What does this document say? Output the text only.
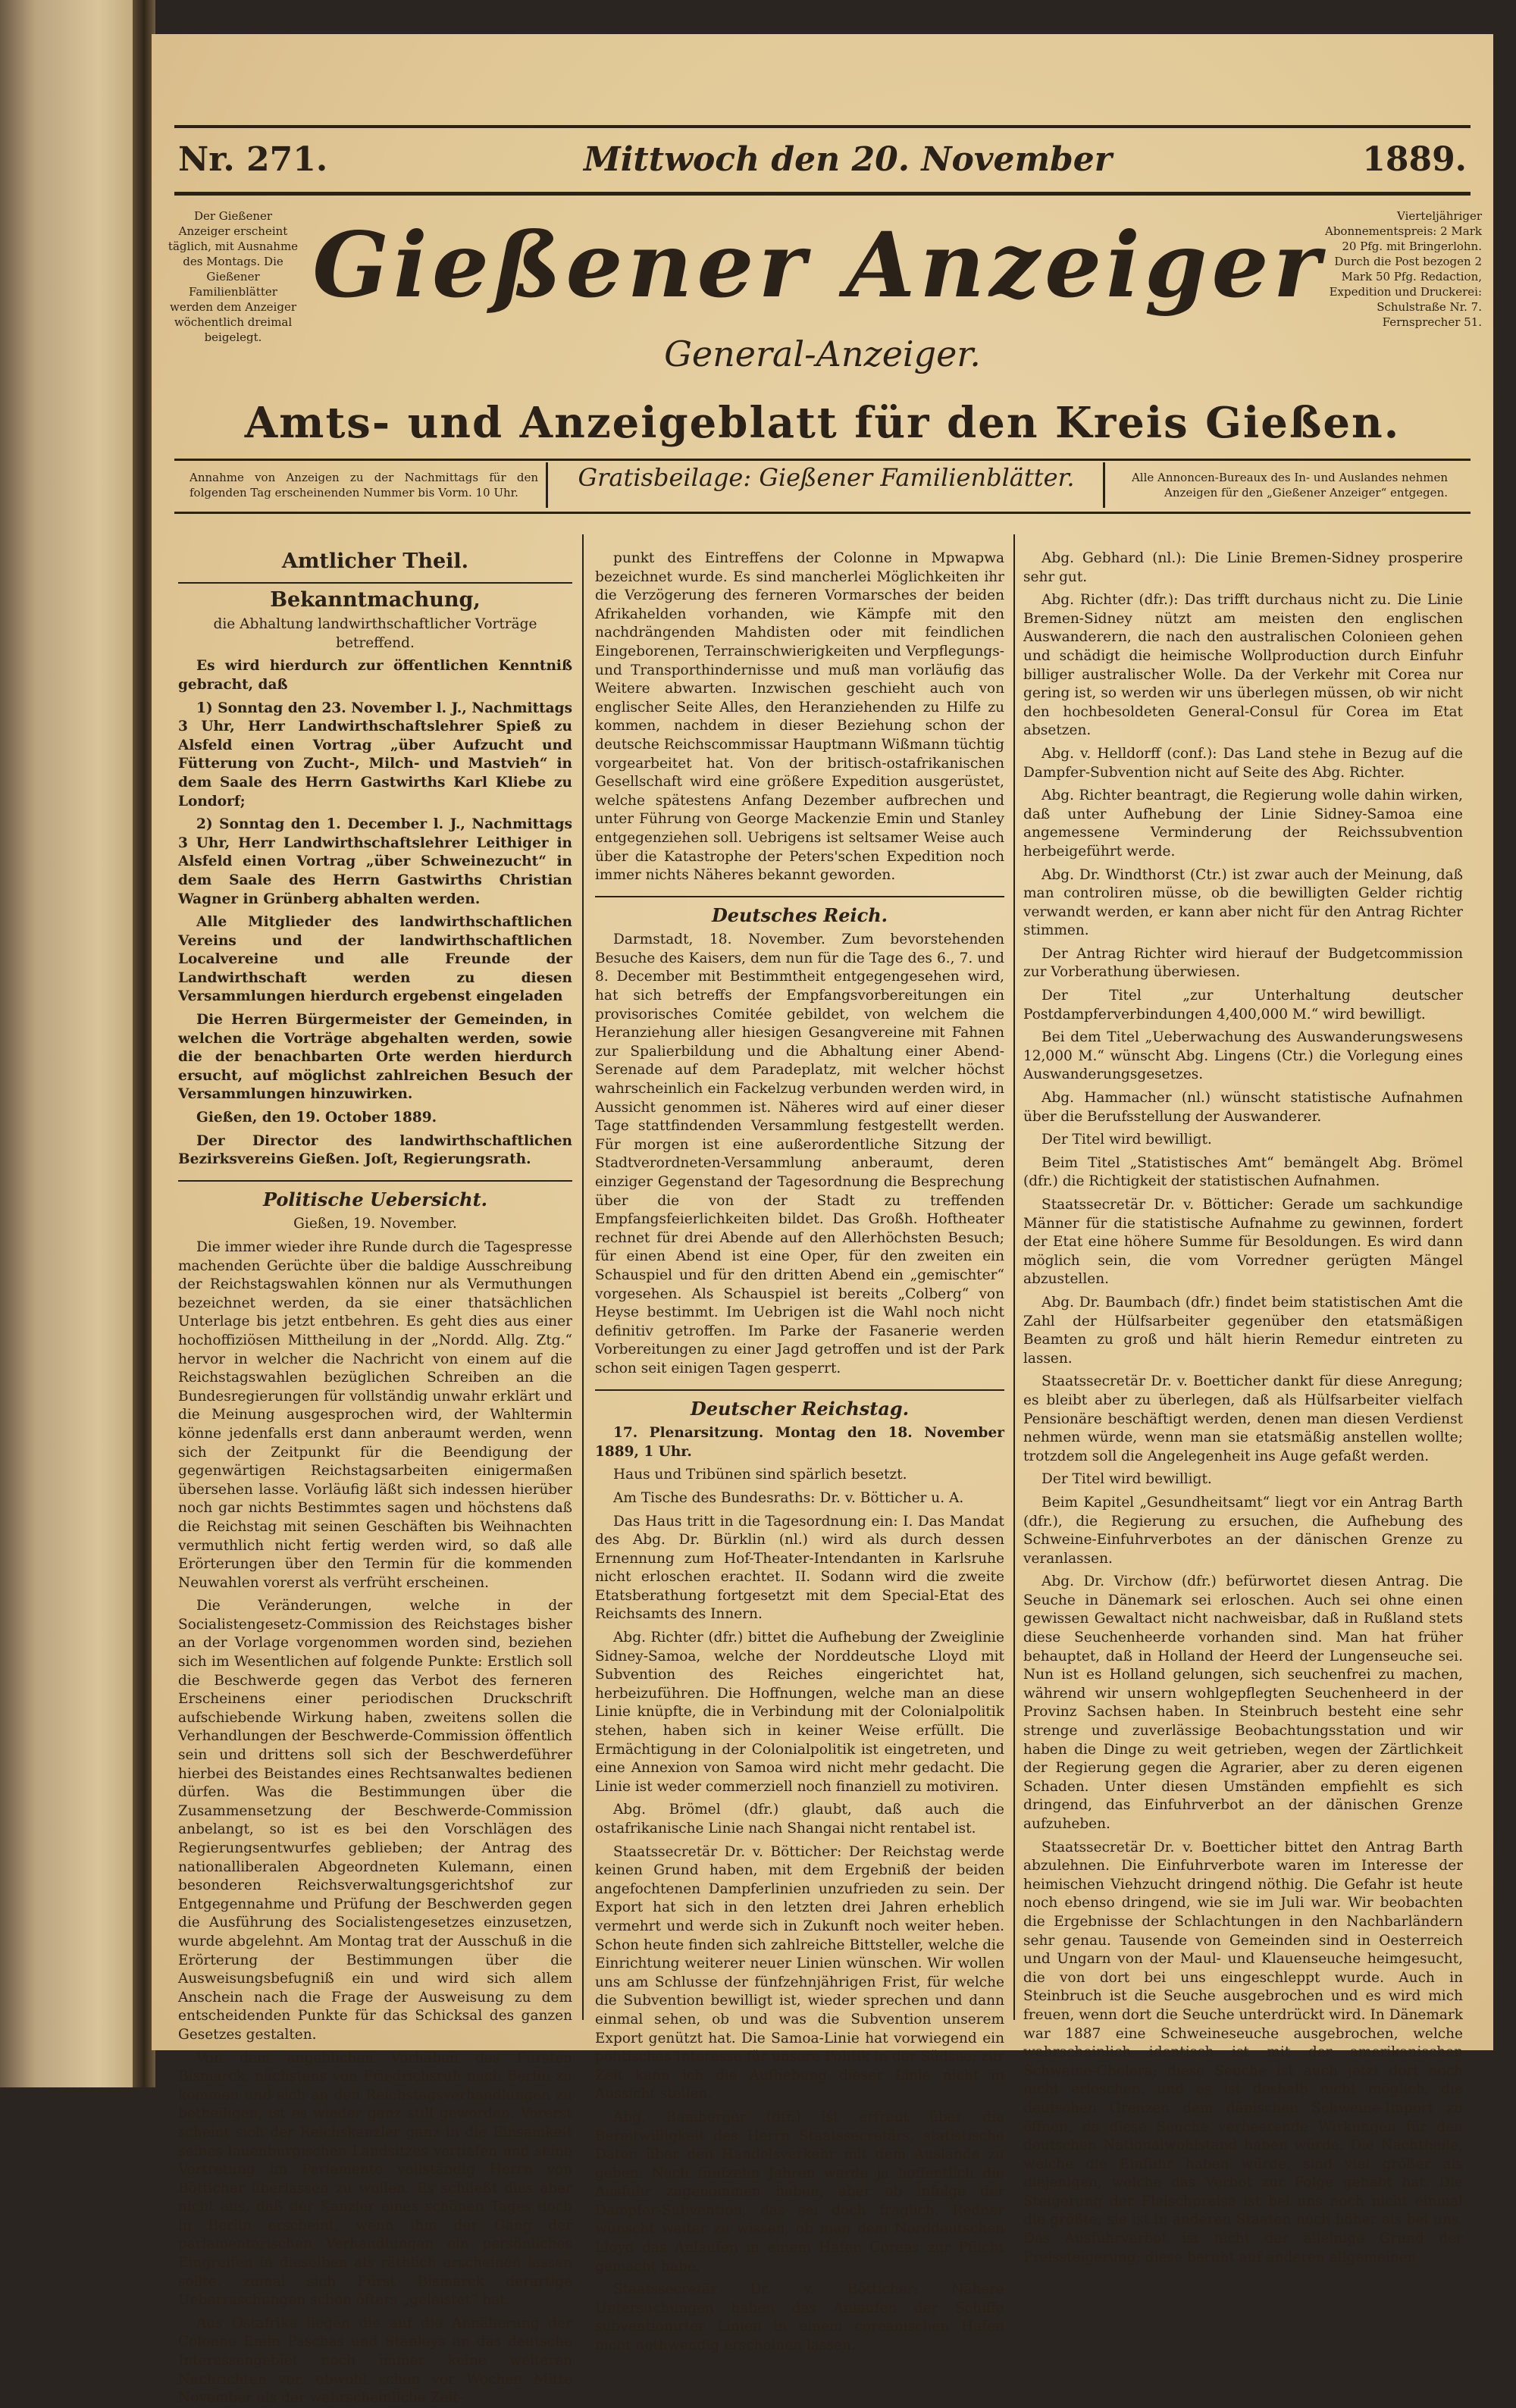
Nr. 271.	Mittwoch den 20. November	1889.
Der Gießener Anzeiger erscheint täglich, mit Ausnahme des Montags. Die Gießener Familienblätter werden dem Anzeiger wöchentlich dreimal beigelegt.
Gießener Anzeiger	Vierteljähriger Abonnementspreis: 2 Mark 20 Pfg. mit Bringerlohn. Durch die Post bezogen 2 Mark 50 Pfg. Redaction, Expedition und Druckerei: Schulstraße Nr. 7. Fernsprecher 51.
General-Anzeiger.
Amts- und Anzeigeblatt für den Kreis Gießen.
Annahme von Anzeigen zu der Nachmittags für den folgenden Tag erscheinenden Nummer bis Vorm. 10 Uhr.
Gratisbeilage: Gießener Familienblätter.	Alle Annoncen-Bureaux des In- und Auslandes nehmen Anzeigen für den „Gießener Anzeiger“ entgegen.
Amtlicher Theil.
Bekanntmachung,

die Abhaltung landwirthschaftlicher Vorträge betreffend.

Es wird hierdurch zur öffentlichen Kenntniß gebracht, daß

1) Sonntag den 23. November l. J., Nachmittags 3 Uhr, Herr Landwirthschaftslehrer Spieß zu Alsfeld einen Vortrag „über Aufzucht und Fütterung von Zucht-, Milch- und Mastvieh“ in dem Saale des Herrn Gastwirths Karl Kliebe zu Londorf;

2) Sonntag den 1. December l. J., Nachmittags 3 Uhr, Herr Landwirthschaftslehrer Leithiger in Alsfeld einen Vortrag „über Schweinezucht“ in dem Saale des Herrn Gastwirths Christian Wagner in Grünberg abhalten werden.

Alle Mitglieder des landwirthschaftlichen Vereins und der landwirthschaftlichen Localvereine und alle Freunde der Landwirthschaft werden zu diesen Versammlungen hierdurch ergebenst eingeladen

Die Herren Bürgermeister der Gemeinden, in welchen die Vorträge abgehalten werden, sowie die der benachbarten Orte werden hierdurch ersucht, auf möglichst zahlreichen Besuch der Versammlungen hinzuwirken.

Gießen, den 19. October 1889.

Der Director des landwirthschaftlichen Bezirksvereins Gießen. Joſt, Regierungsrath.

Politische Uebersicht.

Gießen, 19. November.

Die immer wieder ihre Runde durch die Tagespresse machenden Gerüchte über die baldige Ausschreibung der Reichstagswahlen können nur als Vermuthungen bezeichnet werden, da sie einer thatsächlichen Unterlage bis jetzt entbehren. Es geht dies aus einer hochoffiziösen Mittheilung in der „Nordd. Allg. Ztg.“ hervor in welcher die Nachricht von einem auf die Reichstagswahlen bezüglichen Schreiben an die Bundesregierungen für vollständig unwahr erklärt und die Meinung ausgesprochen wird, der Wahltermin könne jedenfalls erst dann anberaumt werden, wenn sich der Zeitpunkt für die Beendigung der gegenwärtigen Reichstagsarbeiten einigermaßen übersehen lasse. Vorläufig läßt sich indessen hierüber noch gar nichts Bestimmtes sagen und höchstens daß die Reichstag mit seinen Geschäften bis Weihnachten vermuthlich nicht fertig werden wird, so daß alle Erörterungen über den Termin für die kommenden Neuwahlen vorerst als verfrüht erscheinen.

Die Veränderungen, welche in der Socialistengesetz-Commission des Reichstages bisher an der Vorlage vorgenommen worden sind, beziehen sich im Wesentlichen auf folgende Punkte: Erstlich soll die Beschwerde gegen das Verbot des ferneren Erscheinens einer periodischen Druckschrift aufschiebende Wirkung haben, zweitens sollen die Verhandlungen der Beschwerde-Commission öffentlich sein und drittens soll sich der Beschwerdeführer hierbei des Beistandes eines Rechtsanwaltes bedienen dürfen. Was die Bestimmungen über die Zusammensetzung der Beschwerde-Commission anbelangt, so ist es bei den Vorschlägen des Regierungsentwurfes geblieben; der Antrag des nationalliberalen Abgeordneten Kulemann, einen besonderen Reichsverwaltungsgerichtshof zur Entgegennahme und Prüfung der Beschwerden gegen die Ausführung des Socialistengesetzes einzusetzen, wurde abgelehnt. Am Montag trat der Ausschuß in die Erörterung der Bestimmungen über die Ausweisungsbefugniß ein und wird sich allem Anschein nach die Frage der Ausweisung zu dem entscheidenden Punkte für das Schicksal des ganzen Gesetzes gestalten.

Von dem angeblichen Vorhaben des Fürsten Bismarck, nächstens von Friedrichsruh nach Berlin zu kommen und sich an den Reichstagsverhandlungen zu betheiligen, ist es wieder ganz still geworden. Vorerst scheint sich der Reichskanzler ganz in die Einsamkeit seines lauenburgischen Landsitzes vertiefen und seine Vertretung im Parlamente vollständig Herrn von Bötticher überlassen zu wollen. Es schließt dies aber nicht aus, daß der Kanzler eines schönen Tages doch in Berlin erscheint, wenn ihm der Gang der parlamentarischen Verhandlungen ein persönliches Eingreifen in dieselben als räthlich erscheinen lassen sollte, zumal sich Fürst Bismarck derartige Ueberraschungen schon öfters „geleistet“ hat.

Aus Ostafrika liegen die auf die Annäherung der Colonne Emin Paschas und Stanleys an das deutsche Interessengebiet noch immer keine weiteren Nachrichten vor, obwohl schon vor Wochen Mitte November als der wahrscheinliche Zeit-

punkt des Eintreffens der Colonne in Mpwapwa bezeichnet wurde. Es sind mancherlei Möglichkeiten ihr die Verzögerung des ferneren Vormarsches der beiden Afrikahelden vorhanden, wie Kämpfe mit den nachdrängenden Mahdisten oder mit feindlichen Eingeborenen, Terrainschwierigkeiten und Verpflegungs- und Transporthindernisse und muß man vorläufig das Weitere abwarten. Inzwischen geschieht auch von englischer Seite Alles, den Heranziehenden zu Hilfe zu kommen, nachdem in dieser Beziehung schon der deutsche Reichscommissar Hauptmann Wißmann tüchtig vorgearbeitet hat. Von der britisch-ostafrikanischen Gesellschaft wird eine größere Expedition ausgerüstet, welche spätestens Anfang Dezember aufbrechen und unter Führung von George Mackenzie Emin und Stanley entgegenziehen soll. Uebrigens ist seltsamer Weise auch über die Katastrophe der Peters'schen Expedition noch immer nichts Näheres bekannt geworden.

Deutsches Reich.

Darmstadt, 18. November. Zum bevorstehenden Besuche des Kaisers, dem nun für die Tage des 6., 7. und 8. December mit Bestimmtheit entgegengesehen wird, hat sich betreffs der Empfangsvorbereitungen ein provisorisches Comitée gebildet, von welchem die Heranziehung aller hiesigen Gesangvereine mit Fahnen zur Spalierbildung und die Abhaltung einer Abend-Serenade auf dem Paradeplatz, mit welcher höchst wahrscheinlich ein Fackelzug verbunden werden wird, in Aussicht genommen ist. Näheres wird auf einer dieser Tage stattfindenden Versammlung festgestellt werden. Für morgen ist eine außerordentliche Sitzung der Stadtverordneten-Versammlung anberaumt, deren einziger Gegenstand der Tagesordnung die Besprechung über die von der Stadt zu treffenden Empfangsfeierlichkeiten bildet. Das Großh. Hoftheater rechnet für drei Abende auf den Allerhöchsten Besuch; für einen Abend ist eine Oper, für den zweiten ein Schauspiel und für den dritten Abend ein „gemischter“ vorgesehen. Als Schauspiel ist bereits „Colberg“ von Heyse bestimmt. Im Uebrigen ist die Wahl noch nicht definitiv getroffen. Im Parke der Fasanerie werden Vorbereitungen zu einer Jagd getroffen und ist der Park schon seit einigen Tagen gesperrt.

Deutscher Reichstag.

17. Plenarsitzung. Montag den 18. November 1889, 1 Uhr.

Haus und Tribünen sind spärlich besetzt.

Am Tische des Bundesraths: Dr. v. Bötticher u. A.

Das Haus tritt in die Tagesordnung ein: I. Das Mandat des Abg. Dr. Bürklin (nl.) wird als durch dessen Ernennung zum Hof-Theater-Intendanten in Karlsruhe nicht erloschen erachtet. II. Sodann wird die zweite Etatsberathung fortgesetzt mit dem Special-Etat des Reichsamts des Innern.

Abg. Richter (dfr.) bittet die Aufhebung der Zweiglinie Sidney-Samoa, welche der Norddeutsche Lloyd mit Subvention des Reiches eingerichtet hat, herbeizuführen. Die Hoffnungen, welche man an diese Linie knüpfte, die in Verbindung mit der Colonialpolitik stehen, haben sich in keiner Weise erfüllt. Die Ermächtigung in der Colonialpolitik ist eingetreten, und eine Annexion von Samoa wird nicht mehr gedacht. Die Linie ist weder commerziell noch finanziell zu motiviren.

Abg. Brömel (dfr.) glaubt, daß auch die ostafrikanische Linie nach Shangai nicht rentabel ist.

Staatssecretär Dr. v. Bötticher: Der Reichstag werde keinen Grund haben, mit dem Ergebniß der beiden angefochtenen Dampferlinien unzufrieden zu sein. Der Export hat sich in den letzten drei Jahren erheblich vermehrt und werde sich in Zukunft noch weiter heben. Schon heute finden sich zahlreiche Bittsteller, welche die Einrichtung weiterer neuer Linien wünschen. Wir wollen uns am Schlusse der fünfzehnjährigen Frist, für welche die Subvention bewilligt ist, wieder sprechen und dann einmal sehen, ob und was die Subvention unserem Export genützt hat. Die Samoa-Linie hat vorwiegend ein politisches Interesse für unsere Politik in der Südsee; zur Zeit kann ich die Aufhebung dieser Linie nicht in Aussicht stellen.

Abg. Bamberger (dfr.) ist erfreut über die Bereitwilligkeit des Herrn Staatssecretärs, statistische Daten über den Handelsverkehr mit dem Auslande zu geben. Nach fünfzehn Jahren werde ja hoffentlich die Ausfuhr zugenommen haben, aber ob infolge der Dampfer-Subvention, das sei doch fraglich. Redner wünscht weiter zu wissen, ob man dem Norddeutschen Lloyd das Anlaufen in einem Hafen Coreas zur Pflicht gemacht habe.

Staatssecretär Dr. v. Bötticher: Nähere Untersuchungen haben das Anlaufen der Schiffe subventionirter Linien in einem coreanischen Hafen nicht nothwendig erscheinen lassen.

Abg. Gebhard (nl.): Die Linie Bremen-Sidney prosperire sehr gut.

Abg. Richter (dfr.): Das trifft durchaus nicht zu. Die Linie Bremen-Sidney nützt am meisten den englischen Auswanderern, die nach den australischen Colonieen gehen und schädigt die heimische Wollproduction durch Einfuhr billiger australischer Wolle. Da der Verkehr mit Corea nur gering ist, so werden wir uns überlegen müssen, ob wir nicht den hochbesoldeten General-Consul für Corea im Etat absetzen.

Abg. v. Helldorff (conf.): Das Land stehe in Bezug auf die Dampfer-Subvention nicht auf Seite des Abg. Richter.

Abg. Richter beantragt, die Regierung wolle dahin wirken, daß unter Aufhebung der Linie Sidney-Samoa eine angemessene Verminderung der Reichssubvention herbeigeführt werde.

Abg. Dr. Windthorst (Ctr.) ist zwar auch der Meinung, daß man controliren müsse, ob die bewilligten Gelder richtig verwandt werden, er kann aber nicht für den Antrag Richter stimmen.

Der Antrag Richter wird hierauf der Budgetcommission zur Vorberathung überwiesen.

Der Titel „zur Unterhaltung deutscher Postdampferverbindungen 4,400,000 M.“ wird bewilligt.

Bei dem Titel „Ueberwachung des Auswanderungswesens 12,000 M.“ wünscht Abg. Lingens (Ctr.) die Vorlegung eines Auswanderungsgesetzes.

Abg. Hammacher (nl.) wünscht statistische Aufnahmen über die Berufsstellung der Auswanderer.

Der Titel wird bewilligt.

Beim Titel „Statistisches Amt“ bemängelt Abg. Brömel (dfr.) die Richtigkeit der statistischen Aufnahmen.

Staatssecretär Dr. v. Bötticher: Gerade um sachkundige Männer für die statistische Aufnahme zu gewinnen, fordert der Etat eine höhere Summe für Besoldungen. Es wird dann möglich sein, die vom Vorredner gerügten Mängel abzustellen.

Abg. Dr. Baumbach (dfr.) findet beim statistischen Amt die Zahl der Hülfsarbeiter gegenüber den etatsmäßigen Beamten zu groß und hält hierin Remedur eintreten zu lassen.

Staatssecretär Dr. v. Boetticher dankt für diese Anregung; es bleibt aber zu überlegen, daß als Hülfsarbeiter vielfach Pensionäre beschäftigt werden, denen man diesen Verdienst nehmen würde, wenn man sie etatsmäßig anstellen wollte; trotzdem soll die Angelegenheit ins Auge gefaßt werden.

Der Titel wird bewilligt.

Beim Kapitel „Gesundheitsamt“ liegt vor ein Antrag Barth (dfr.), die Regierung zu ersuchen, die Aufhebung des Schweine-Einfuhrverbotes an der dänischen Grenze zu veranlassen.

Abg. Dr. Virchow (dfr.) befürwortet diesen Antrag. Die Seuche in Dänemark sei erloschen. Auch sei ohne einen gewissen Gewaltact nicht nachweisbar, daß in Rußland stets diese Seuchenheerde vorhanden sind. Man hat früher behauptet, daß in Holland der Heerd der Lungenseuche sei. Nun ist es Holland gelungen, sich seuchenfrei zu machen, während wir unsern wohlgepflegten Seuchenheerd in der Provinz Sachsen haben. In Steinbruch besteht eine sehr strenge und zuverlässige Beobachtungsstation und wir haben die Dinge zu weit getrieben, wegen der Zärtlichkeit der Regierung gegen die Agrarier, aber zu deren eigenen Schaden. Unter diesen Umständen empfiehlt es sich dringend, das Einfuhrverbot an der dänischen Grenze aufzuheben.

Staatssecretär Dr. v. Boetticher bittet den Antrag Barth abzulehnen. Die Einfuhrverbote waren im Interesse der heimischen Viehzucht dringend nöthig. Die Gefahr ist heute noch ebenso dringend, wie sie im Juli war. Wir beobachten die Ergebnisse der Schlachtungen in den Nachbarländern sehr genau. Tausende von Gemeinden sind in Oesterreich und Ungarn von der Maul- und Klauenseuche heimgesucht, die von dort bei uns eingeschleppt wurde. Auch in Steinbruch ist die Seuche ausgebrochen und es wird mich freuen, wenn dort die Seuche unterdrückt wird. In Dänemark war 1887 eine Schweineseuche ausgebrochen, welche wahrscheinlich identisch ist mit der amerikanischen Schweine-Cholera; diese Seuche ist auch jetzt dort noch nicht erloschen, und es ist deshalb nicht möglich, die deutschen Grenzen dem dänischen Schweine-Import zu öffnen, da diese Seuche verheerende Wirkungen für den deutschen Nationalwohlstand haben würde. Die Nachtheile, welche die Einfuhr haben würde, sind viel größer als diejenigen, welche das Verbot zur Folge gehabt hat. Die Steigerung der Fleischpreise ist bei uns noch nicht einmal die größte; sie ist in anderen Staaten noch höher als bei uns. Das Ausfuhrverbot ist nicht der alleinige Grund der Preissteigerung; diese beruht auf anderen allgemeinen
